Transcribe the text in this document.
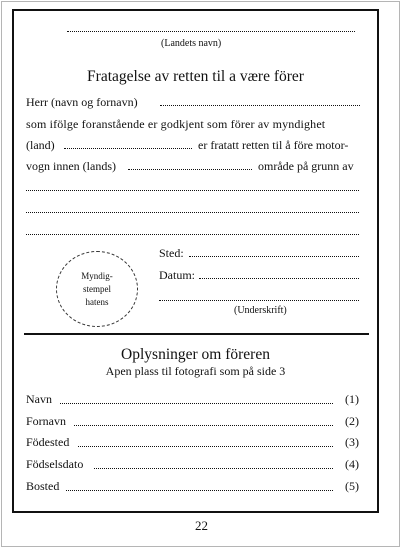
(Landets navn)
Fratagelse av retten til a være förer
Herr (navn og fornavn)
som ifölge foranstående er godkjent som förer av myndighet
(land)	er fratatt retten til å före motor-
vogn innen (lands)	område på grunn av
Myndig-
stempel
hatens
Sted:
Datum:
(Underskrift)
Oplysninger om föreren
Apen plass til fotografi som på side 3
Navn	(1)
Fornavn	(2)
Födested	(3)
Födselsdato	(4)
Bosted	(5)
22
